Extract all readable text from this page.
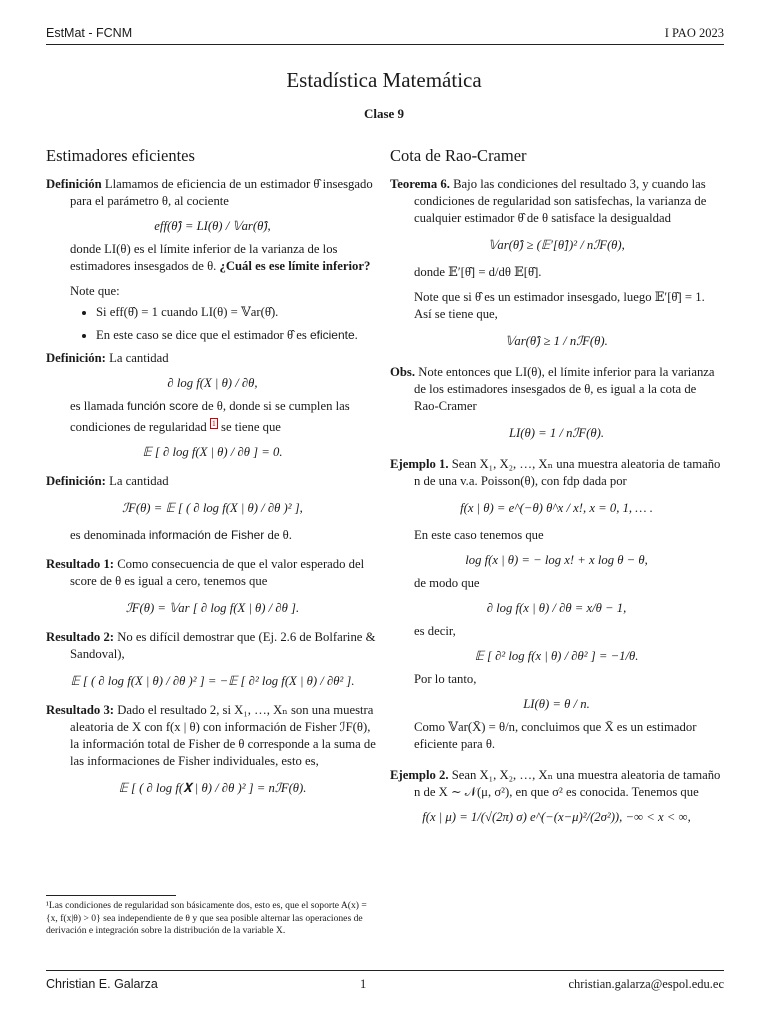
EstMat - FCNM	I PAO 2023
Estadística Matemática
Clase 9
Estimadores eficientes
Definición Llamamos de eficiencia de un estimador θ̂ insesgado para el parámetro θ, al cociente
eff(θ̂) = LI(θ) / 𝕍ar(θ̂),
donde LI(θ) es el límite inferior de la varianza de los estimadores insesgados de θ. ¿Cuál es ese límite inferior?
Note que:
• Si eff(θ̂) = 1 cuando LI(θ) = 𝕍ar(θ̂).
• En este caso se dice que el estimador θ̂ es eficiente.
Definición: La cantidad
∂ log f(X | θ) / ∂θ,
es llamada función score de θ, donde si se cumplen las condiciones de regularidad $^1$ se tiene que
𝔼 [ ∂ log f(X | θ) / ∂θ ] = 0.
Definición: La cantidad
ℐF(θ) = 𝔼 [ ( ∂ log f(X | θ) / ∂θ )² ],
es denominada información de Fisher de θ.
Resultado 1: Como consecuencia de que el valor esperado del score de θ es igual a cero, tenemos que
ℐF(θ) = 𝕍ar [ ∂ log f(X | θ) / ∂θ ].
Resultado 2: No es difícil demostrar que (Ej. 2.6 de Bolfarine & Sandoval),
𝔼 [ ( ∂ log f(X | θ) / ∂θ )² ] = −𝔼 [ ∂² log f(X | θ) / ∂θ² ].
Resultado 3: Dado el resultado 2, si X₁, …, Xₙ son una muestra aleatoria de X con f(x | θ) con información de Fisher ℐF(θ), la información total de Fisher de θ corresponde a la suma de las informaciones de Fisher individuales, esto es,
𝔼 [ ( ∂ log f(𝐗 | θ) / ∂θ )² ] = nℐF(θ).
¹Las condiciones de regularidad son básicamente dos, esto es, que el soporte A(x) = {x, f(x|θ) > 0} sea independiente de θ y que sea posible alternar las operaciones de derivación e integración sobre la distribución de la variable X.
Cota de Rao-Cramer
Teorema 6. Bajo las condiciones del resultado 3, y cuando las condiciones de regularidad son satisfechas, la varianza de cualquier estimador θ̂ de θ satisface la desigualdad
𝕍ar(θ̂) ≥ (𝔼′[θ̂])² / nℐF(θ),
donde 𝔼′[θ̂] = d/dθ 𝔼[θ̂].
Note que si θ̂ es un estimador insesgado, luego 𝔼′[θ̂] = 1. Así se tiene que,
𝕍ar(θ̂) ≥ 1 / nℐF(θ).
Obs. Note entonces que LI(θ), el límite inferior para la varianza de los estimadores insesgados de θ, es igual a la cota de Rao-Cramer
LI(θ) = 1 / nℐF(θ).
Ejemplo 1. Sean X₁, X₂, …, Xₙ una muestra aleatoria de tamaño n de una v.a. Poisson(θ), con fdp dada por
f(x | θ) = e^(−θ) θ^x / x!, x = 0, 1, … .
En este caso tenemos que
log f(x | θ) = − log x! + x log θ − θ,
de modo que
∂ log f(x | θ) / ∂θ = x/θ − 1,
es decir,
𝔼 [ ∂² log f(x | θ) / ∂θ² ] = −1/θ.
Por lo tanto,
LI(θ) = θ / n.
Como 𝕍ar(X̄) = θ/n, concluimos que X̄ es un estimador eficiente para θ.
Ejemplo 2. Sean X₁, X₂, …, Xₙ una muestra aleatoria de tamaño n de X ∼ 𝒩(μ, σ²), en que σ² es conocida. Tenemos que
f(x | μ) = 1/(√(2π) σ) e^(−(x−μ)²/(2σ²)), −∞ < x < ∞,
Christian E. Galarza	1	christian.galarza@espol.edu.ec
